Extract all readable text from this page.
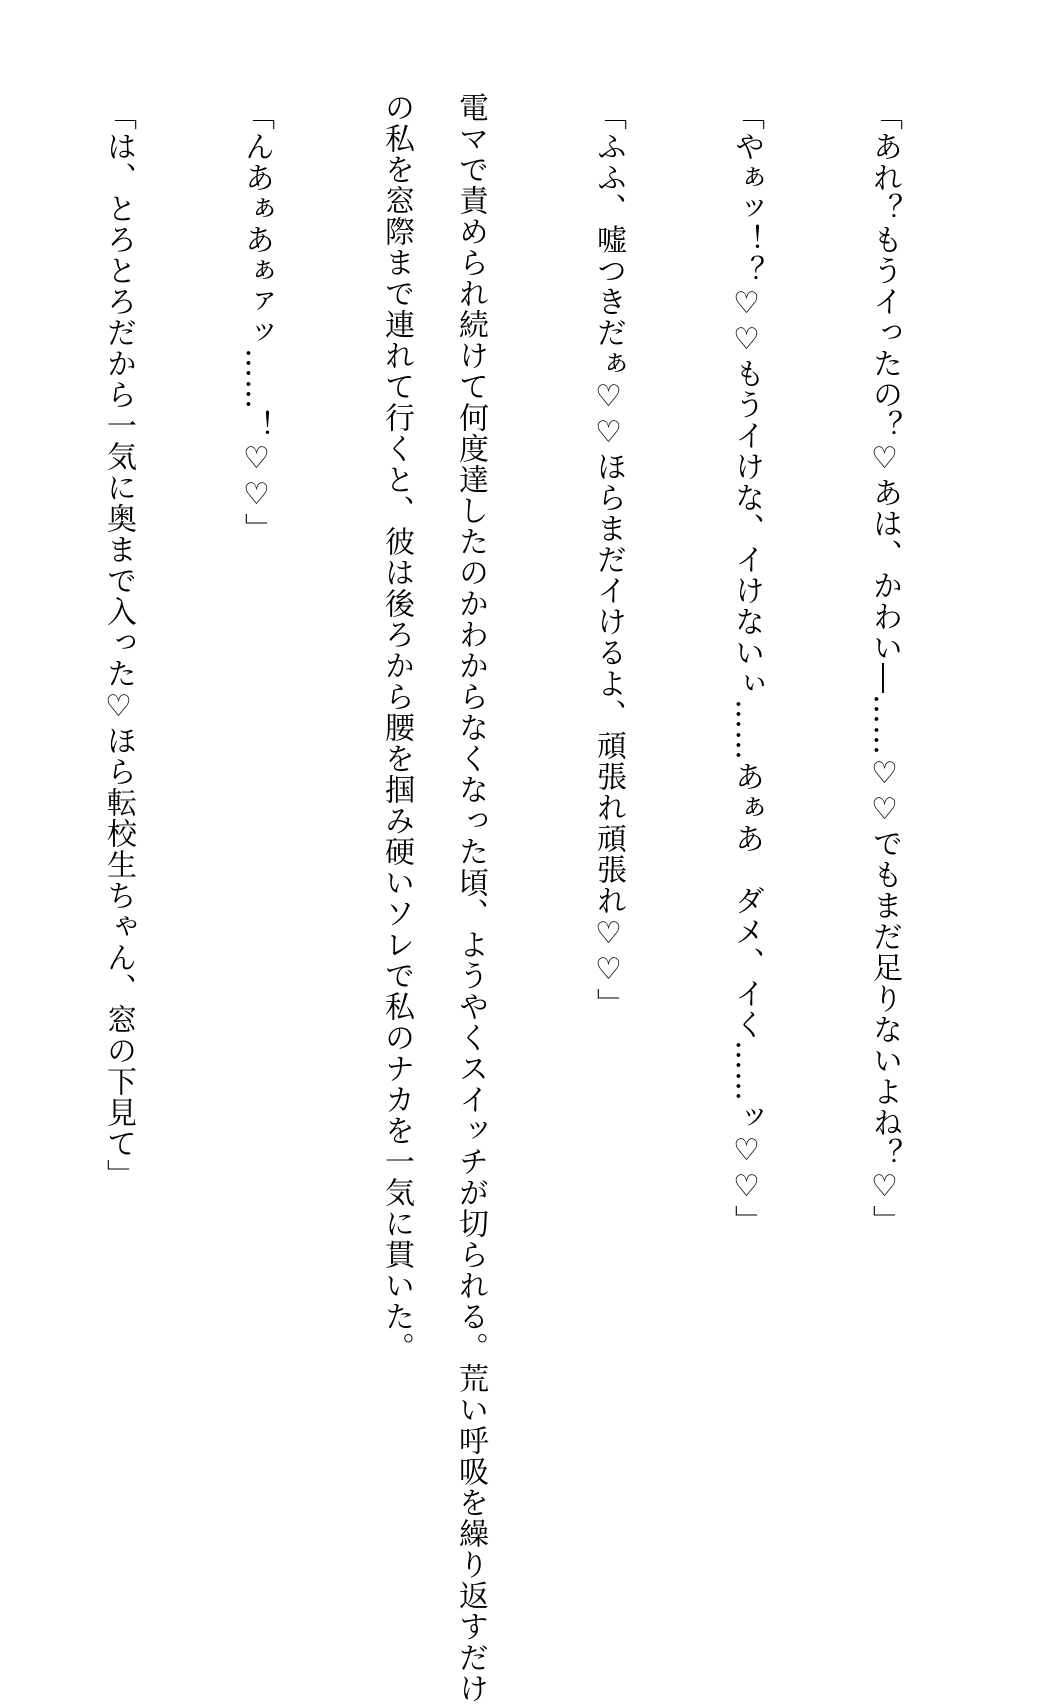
「あれ？もうイったの？♡あは、かわい―……♡♡でもまだ足りないよね？♡」
「やぁッ！？♡♡もうイけな、イけないぃ……あぁあ　ダメ、イく……ッ♡♡」
「ふふ、嘘つきだぁ♡♡ほらまだイけるよ、頑張れ頑張れ♡♡」
電マで責められ続けて何度達したのかわからなくなった頃、ようやくスイッチが切られる。荒い呼吸を繰り返すだけ
の私を窓際まで連れて行くと、彼は後ろから腰を掴み硬いソレで私のナカを一気に貫いた。
「んあぁあぁァッ……！♡♡」
「は、とろとろだから一気に奥まで入った♡ほら転校生ちゃん、窓の下見て」
